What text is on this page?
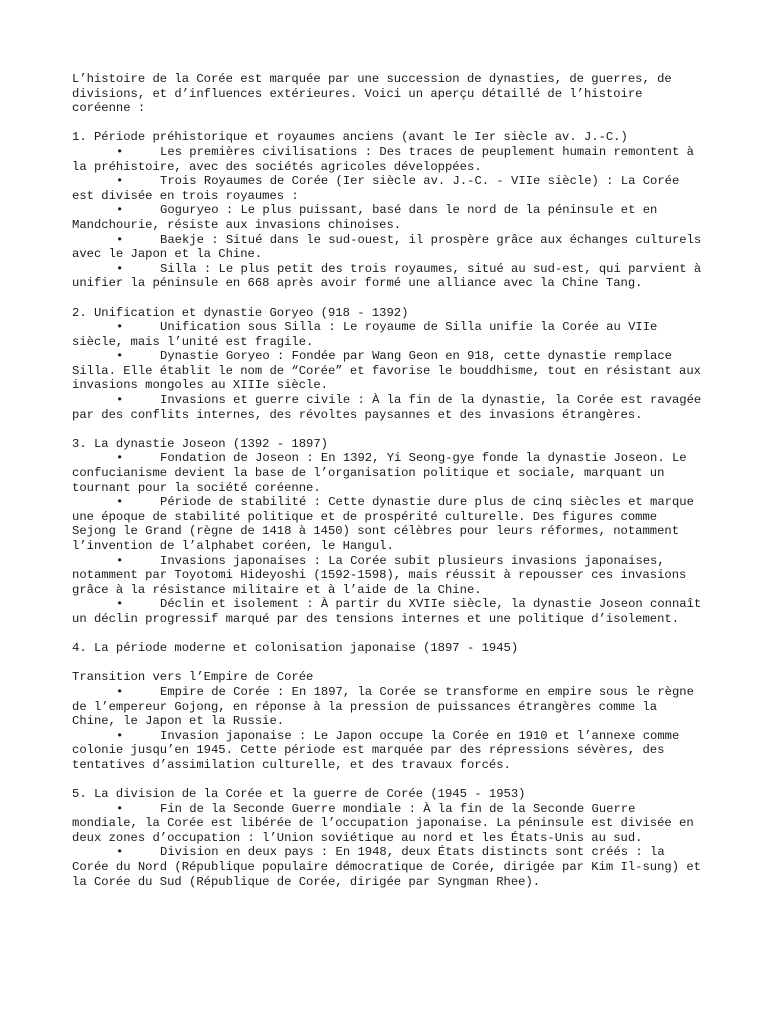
L’histoire de la Corée est marquée par une succession de dynasties, de guerres, de divisions, et d’influences extérieures. Voici un aperçu détaillé de l’histoire coréenne :

1. Période préhistorique et royaumes anciens (avant le Ier siècle av. J.-C.)

•	Les premières civilisations : Des traces de peuplement humain remontent à la préhistoire, avec des sociétés agricoles développées.

•	Trois Royaumes de Corée (Ier siècle av. J.-C. - VIIe siècle) : La Corée est divisée en trois royaumes :

•	Goguryeo : Le plus puissant, basé dans le nord de la péninsule et en Mandchourie, résiste aux invasions chinoises.

•	Baekje : Situé dans le sud-ouest, il prospère grâce aux échanges culturels avec le Japon et la Chine.

•	Silla : Le plus petit des trois royaumes, situé au sud-est, qui parvient à unifier la péninsule en 668 après avoir formé une alliance avec la Chine Tang.

2. Unification et dynastie Goryeo (918 - 1392)

•	Unification sous Silla : Le royaume de Silla unifie la Corée au VIIe siècle, mais l’unité est fragile.

•	Dynastie Goryeo : Fondée par Wang Geon en 918, cette dynastie remplace Silla. Elle établit le nom de “Corée” et favorise le bouddhisme, tout en résistant aux invasions mongoles au XIIIe siècle.

•	Invasions et guerre civile : À la fin de la dynastie, la Corée est ravagée par des conflits internes, des révoltes paysannes et des invasions étrangères.

3. La dynastie Joseon (1392 - 1897)

•	Fondation de Joseon : En 1392, Yi Seong-gye fonde la dynastie Joseon. Le confucianisme devient la base de l’organisation politique et sociale, marquant un tournant pour la société coréenne.

•	Période de stabilité : Cette dynastie dure plus de cinq siècles et marque une époque de stabilité politique et de prospérité culturelle. Des figures comme Sejong le Grand (règne de 1418 à 1450) sont célèbres pour leurs réformes, notamment l’invention de l’alphabet coréen, le Hangul.

•	Invasions japonaises : La Corée subit plusieurs invasions japonaises, notamment par Toyotomi Hideyoshi (1592-1598), mais réussit à repousser ces invasions grâce à la résistance militaire et à l’aide de la Chine.

•	Déclin et isolement : À partir du XVIIe siècle, la dynastie Joseon connaît un déclin progressif marqué par des tensions internes et une politique d’isolement.

4. La période moderne et colonisation japonaise (1897 - 1945)

Transition vers l’Empire de Corée

•	Empire de Corée : En 1897, la Corée se transforme en empire sous le règne de l’empereur Gojong, en réponse à la pression de puissances étrangères comme la Chine, le Japon et la Russie.

•	Invasion japonaise : Le Japon occupe la Corée en 1910 et l’annexe comme colonie jusqu’en 1945. Cette période est marquée par des répressions sévères, des tentatives d’assimilation culturelle, et des travaux forcés.

5. La division de la Corée et la guerre de Corée (1945 - 1953)

•	Fin de la Seconde Guerre mondiale : À la fin de la Seconde Guerre mondiale, la Corée est libérée de l’occupation japonaise. La péninsule est divisée en deux zones d’occupation : l’Union soviétique au nord et les États-Unis au sud.

•	Division en deux pays : En 1948, deux États distincts sont créés : la Corée du Nord (République populaire démocratique de Corée, dirigée par Kim Il-sung) et la Corée du Sud (République de Corée, dirigée par Syngman Rhee).
